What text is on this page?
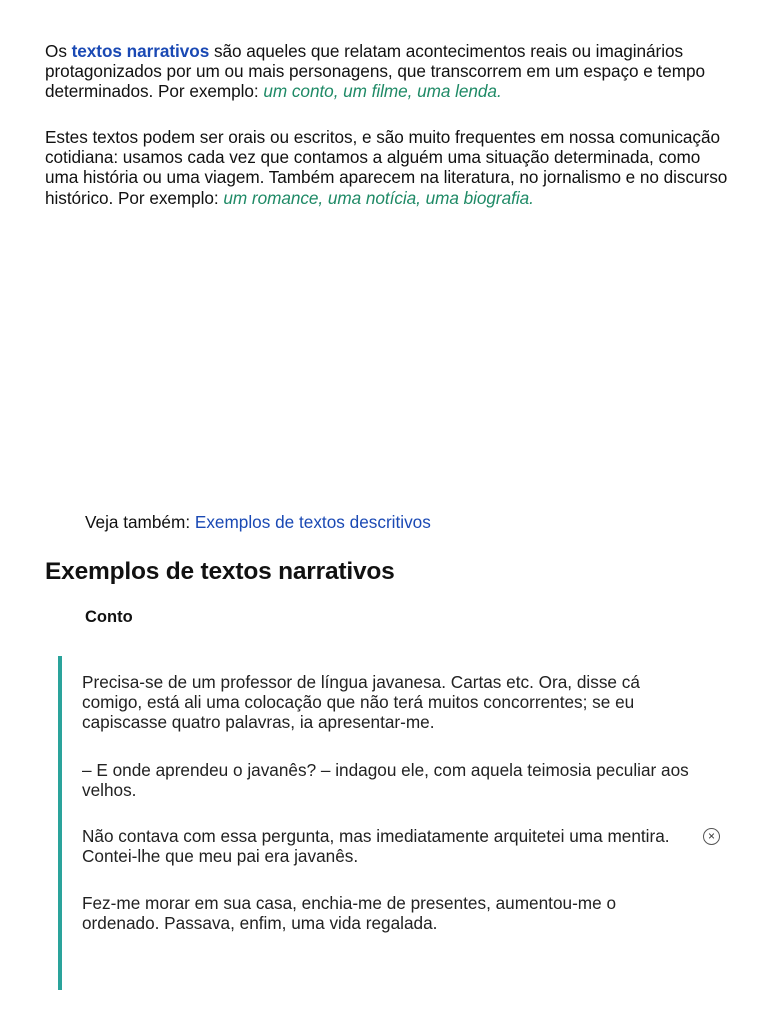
Os textos narrativos são aqueles que relatam acontecimentos reais ou imaginários protagonizados por um ou mais personagens, que transcorrem em um espaço e tempo determinados. Por exemplo: um conto, um filme, uma lenda.

Estes textos podem ser orais ou escritos, e são muito frequentes em nossa comunicação cotidiana: usamos cada vez que contamos a alguém uma situação determinada, como uma história ou uma viagem. Também aparecem na literatura, no jornalismo e no discurso histórico. Por exemplo: um romance, uma notícia, uma biografia.

Veja também: Exemplos de textos descritivos

Exemplos de textos narrativos
Conto

Precisa-se de um professor de língua javanesa. Cartas etc. Ora, disse cá comigo, está ali uma colocação que não terá muitos concorrentes; se eu capiscasse quatro palavras, ia apresentar-me.

– E onde aprendeu o javanês? – indagou ele, com aquela teimosia peculiar aos velhos.

Não contava com essa pergunta, mas imediatamente arquitetei uma mentira. Contei-lhe que meu pai era javanês.

Fez-me morar em sua casa, enchia-me de presentes, aumentou-me o
ordenado. Passava, enfim, uma vida regalada.

×
